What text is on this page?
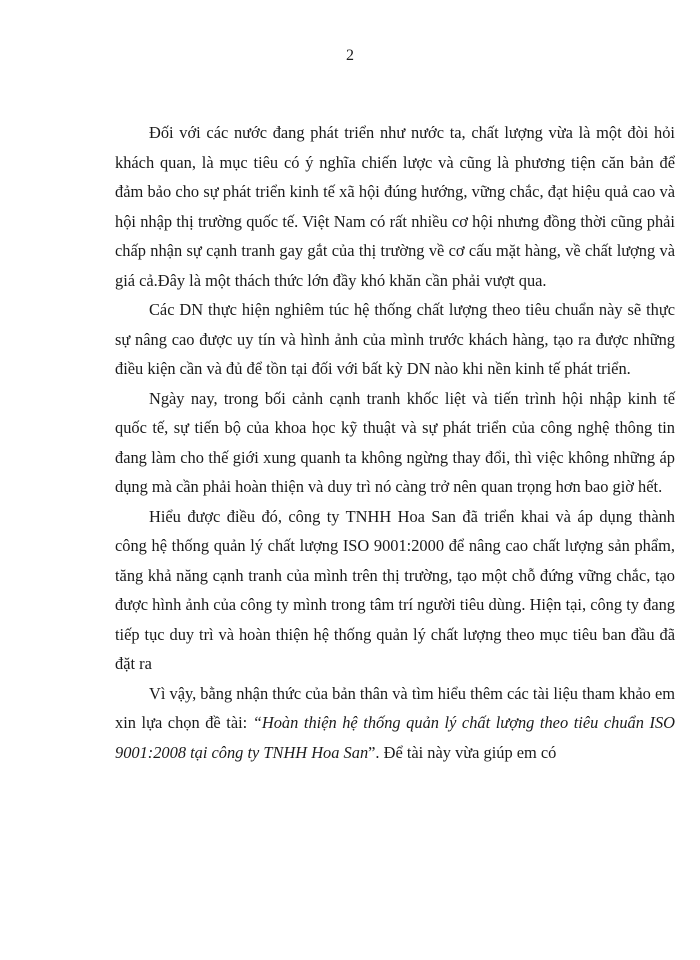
2

Đối với các nước đang phát triển như nước ta, chất lượng vừa là một đòi hỏi khách quan, là mục tiêu có ý nghĩa chiến lược và cũng là phương tiện căn bản để đảm bảo cho sự phát triển kinh tế xã hội đúng hướng, vững chắc, đạt hiệu quả cao và hội nhập thị trường quốc tế. Việt Nam có rất nhiều cơ hội nhưng đồng thời cũng phải chấp nhận sự cạnh tranh gay gắt của thị trường về cơ cấu mặt hàng, về chất lượng và giá cả.Đây là một thách thức lớn đầy khó khăn cần phải vượt qua.

Các DN thực hiện nghiêm túc hệ thống chất lượng theo tiêu chuẩn này sẽ thực sự nâng cao được uy tín và hình ảnh của mình trước khách hàng, tạo ra được những điều kiện cần và đủ để tồn tại đối với bất kỳ DN nào khi nền kinh tế phát triển.

Ngày nay, trong bối cảnh cạnh tranh khốc liệt và tiến trình hội nhập kinh tế quốc tế, sự tiến bộ của khoa học kỹ thuật và sự phát triển của công nghệ thông tin đang làm cho thế giới xung quanh ta không ngừng thay đổi, thì việc không những áp dụng mà cần phải hoàn thiện và duy trì nó càng trở nên quan trọng hơn bao giờ hết.

Hiểu được điều đó, công ty TNHH Hoa San đã triển khai và áp dụng thành công hệ thống quản lý chất lượng ISO 9001:2000 để nâng cao chất lượng sản phẩm, tăng khả năng cạnh tranh của mình trên thị trường, tạo một chỗ đứng vững chắc, tạo được hình ảnh của công ty mình trong tâm trí người tiêu dùng. Hiện tại, công ty đang tiếp tục duy trì và hoàn thiện hệ thống quản lý chất lượng theo mục tiêu ban đầu đã đặt ra

Vì vậy, bằng nhận thức của bản thân và tìm hiểu thêm các tài liệu tham khảo em xin lựa chọn đề tài: “Hoàn thiện hệ thống quản lý chất lượng theo tiêu chuẩn ISO 9001:2008 tại công ty TNHH Hoa San”. Để tài này vừa giúp em có
